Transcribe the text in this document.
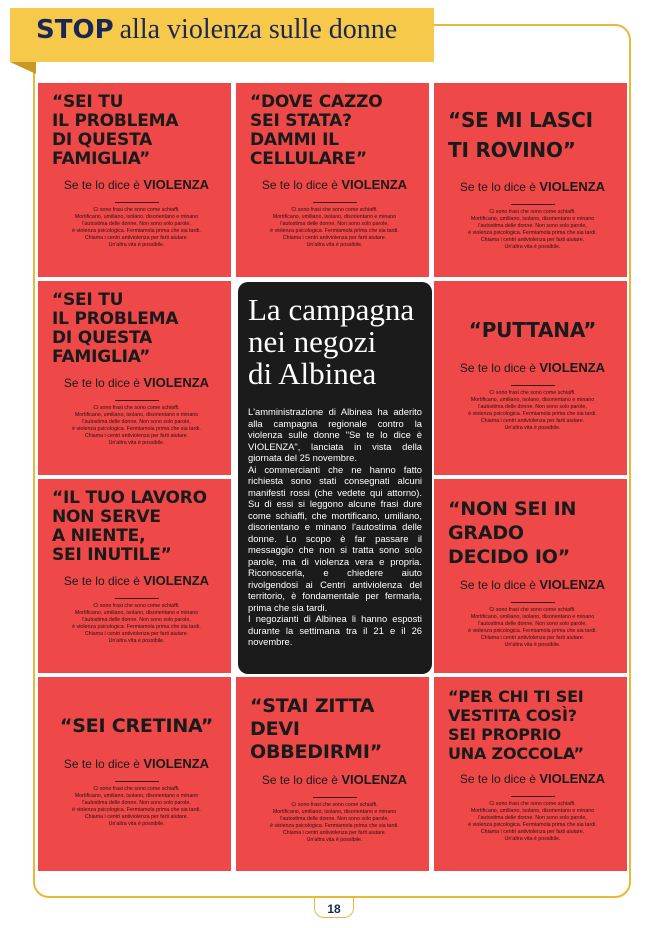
STOP alla violenza sulle donne
“SEI TU
IL PROBLEMA
DI QUESTA
FAMIGLIA”
Se te lo dice è VIOLENZA
Ci sono frasi che sono come schiaffi.
Mortificano, umiliano, isolano, disorientano e minano
l'autostima delle donne. Non sono solo parole,
è violenza psicologica. Fermiamola prima che sia tardi.
Chiama i centri antiviolenza per farti aiutare.
Un'altra vita è possibile.
“DOVE CAZZO
SEI STATA?
DAMMI IL
CELLULARE”
Se te lo dice è VIOLENZA
Ci sono frasi che sono come schiaffi.
Mortificano, umiliano, isolano, disorientano e minano
l'autostima delle donne. Non sono solo parole,
è violenza psicologica. Fermiamola prima che sia tardi.
Chiama i centri antiviolenza per farti aiutare.
Un'altra vita è possibile.
“SE MI LASCI
TI ROVINO”
Se te lo dice è VIOLENZA
Ci sono frasi che sono come schiaffi.
Mortificano, umiliano, isolano, disorientano e minano
l'autostima delle donne. Non sono solo parole,
è violenza psicologica. Fermiamola prima che sia tardi.
Chiama i centri antiviolenza per farti aiutare.
Un'altra vita è possibile.
“SEI TU
IL PROBLEMA
DI QUESTA
FAMIGLIA”
Se te lo dice è VIOLENZA
Ci sono frasi che sono come schiaffi.
Mortificano, umiliano, isolano, disorientano e minano
l'autostima delle donne. Non sono solo parole,
è violenza psicologica. Fermiamola prima che sia tardi.
Chiama i centri antiviolenza per farti aiutare.
Un'altra vita è possibile.
La campagna
nei negozi
di Albinea
L'amministrazione di Albinea ha aderito alla campagna regionale contro la violenza sulle donne "Se te lo dice è VIOLENZA", lanciata in vista della giornata del 25 novembre.
Ai commercianti che ne hanno fatto richiesta sono stati consegnati alcuni manifesti rossi (che vedete qui attorno). Su di essi si leggono alcune frasi dure come schiaffi, che mortificano, umiliano, disorientano e minano l'autostima delle donne. Lo scopo è far passare il messaggio che non si tratta sono solo parole, ma di violenza vera e propria. Riconoscerla, e chiedere aiuto rivolgendosi ai Centri antiviolenza del territorio, è fondamentale per fermarla, prima che sia tardi.
I negozianti di Albinea li hanno esposti durante la settimana tra il 21 e il 26 novembre.
“PUTTANA”
Se te lo dice è VIOLENZA
Ci sono frasi che sono come schiaffi.
Mortificano, umiliano, isolano, disorientano e minano
l'autostima delle donne. Non sono solo parole,
è violenza psicologica. Fermiamola prima che sia tardi.
Chiama i centri antiviolenza per farti aiutare.
Un'altra vita è possibile.
“IL TUO LAVORO
NON SERVE
A NIENTE,
SEI INUTILE”
Se te lo dice è VIOLENZA
Ci sono frasi che sono come schiaffi.
Mortificano, umiliano, isolano, disorientano e minano
l'autostima delle donne. Non sono solo parole,
è violenza psicologica. Fermiamola prima che sia tardi.
Chiama i centri antiviolenza per farti aiutare.
Un'altra vita è possibile.
“NON SEI IN
GRADO
DECIDO IO”
Se te lo dice è VIOLENZA
Ci sono frasi che sono come schiaffi.
Mortificano, umiliano, isolano, disorientano e minano
l'autostima delle donne. Non sono solo parole,
è violenza psicologica. Fermiamola prima che sia tardi.
Chiama i centri antiviolenza per farti aiutare.
Un'altra vita è possibile.
“SEI CRETINA”
Se te lo dice è VIOLENZA
Ci sono frasi che sono come schiaffi.
Mortificano, umiliano, isolano, disorientano e minano
l'autostima delle donne. Non sono solo parole,
è violenza psicologica. Fermiamola prima che sia tardi.
Chiama i centri antiviolenza per farti aiutare.
Un'altra vita è possibile.
“STAI ZITTA
DEVI
OBBEDIRMI”
Se te lo dice è VIOLENZA
Ci sono frasi che sono come schiaffi.
Mortificano, umiliano, isolano, disorientano e minano
l'autostima delle donne. Non sono solo parole,
è violenza psicologica. Fermiamola prima che sia tardi.
Chiama i centri antiviolenza per farti aiutare.
Un'altra vita è possibile.
“PER CHI TI SEI
VESTITA COSÌ?
SEI PROPRIO
UNA ZOCCOLA”
Se te lo dice è VIOLENZA
Ci sono frasi che sono come schiaffi.
Mortificano, umiliano, isolano, disorientano e minano
l'autostima delle donne. Non sono solo parole,
è violenza psicologica. Fermiamola prima che sia tardi.
Chiama i centri antiviolenza per farti aiutare.
Un'altra vita è possibile.
18
